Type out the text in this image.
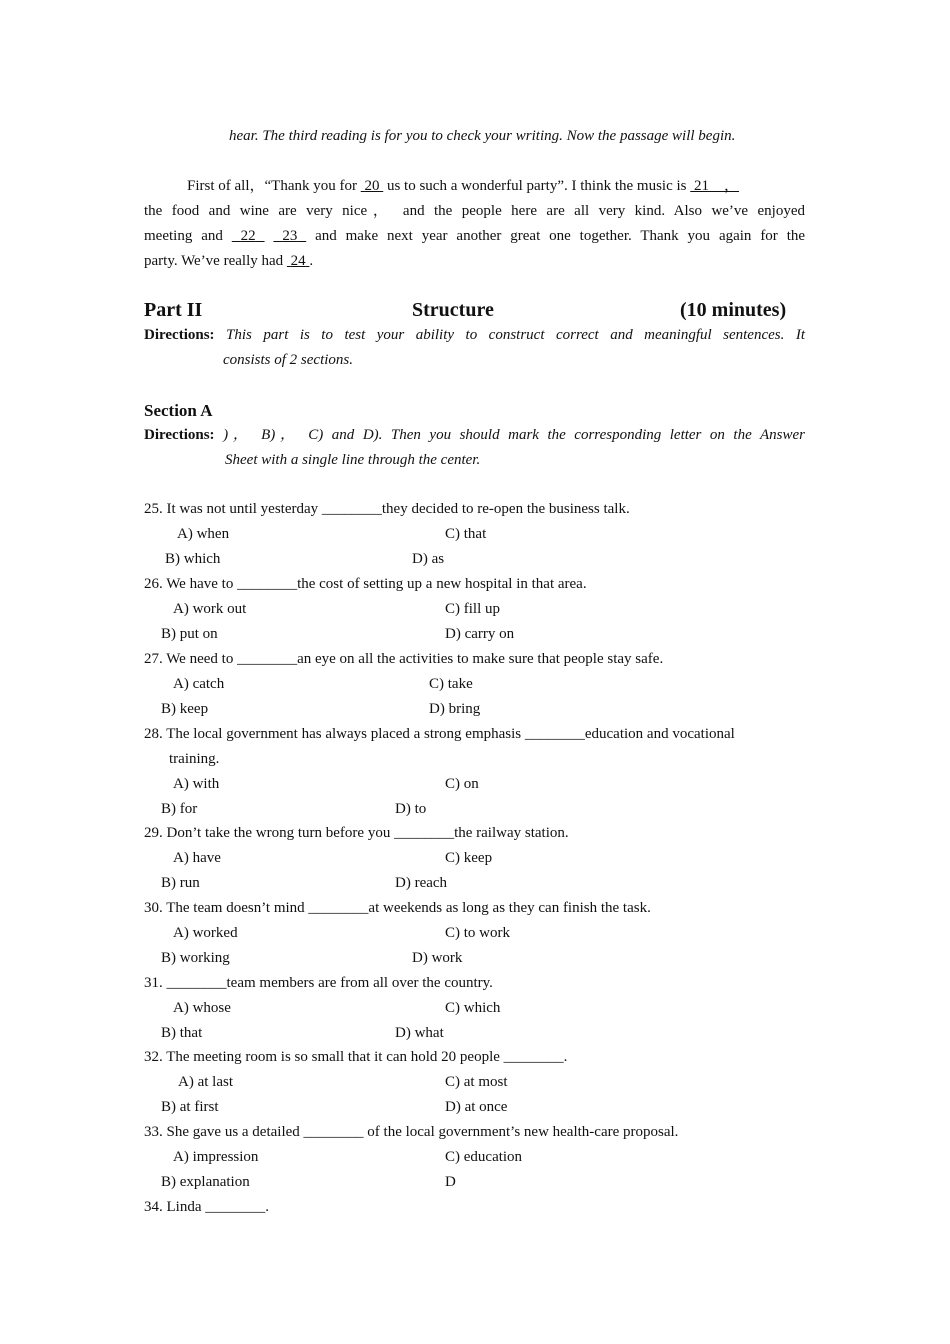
hear. The third reading is for you to check your writing. Now the passage will begin.
First of all，“Thank you for  20  us to such a wonderful party”. I think the music is  21　，
the food and wine are very nice， and the people here are all very kind. Also we’ve enjoyed
meeting and  22 23  and make next year another great one together. Thank you again for the
party. We’ve really had  24 .
Part II	Structure	(10 minutes)
Directions: This part is to test your ability to construct correct and meaningful sentences. It
consists of 2 sections.
Section A
Directions: )， B)， C) and D). Then you should mark the corresponding letter on the Answer
Sheet with a single line through the center.
25. It was not until yesterday ________they decided to re-open the business talk.
A) when	C) that
B) which	D) as
26. We have to ________the cost of setting up a new hospital in that area.
A) work out	C) fill up
B) put on	D) carry on
27. We need to ________an eye on all the activities to make sure that people stay safe.
A) catch	C) take
B) keep	D) bring
28. The local government has always placed a strong emphasis ________education and vocational
training.
A) with	C) on
B) for	D) to
29. Don’t take the wrong turn before you ________the railway station.
A) have	C) keep
B) run	D) reach
30. The team doesn’t mind ________at weekends as long as they can finish the task.
A) worked	C) to work
B) working	D) work
31. ________team members are from all over the country.
A) whose	C) which
B) that	D) what
32. The meeting room is so small that it can hold 20 people ________.
A) at last	C) at most
B) at first	D) at once
33. She gave us a detailed ________ of the local government’s new health-care proposal.
A) impression	C) education
B) explanation	D
34. Linda ________.
